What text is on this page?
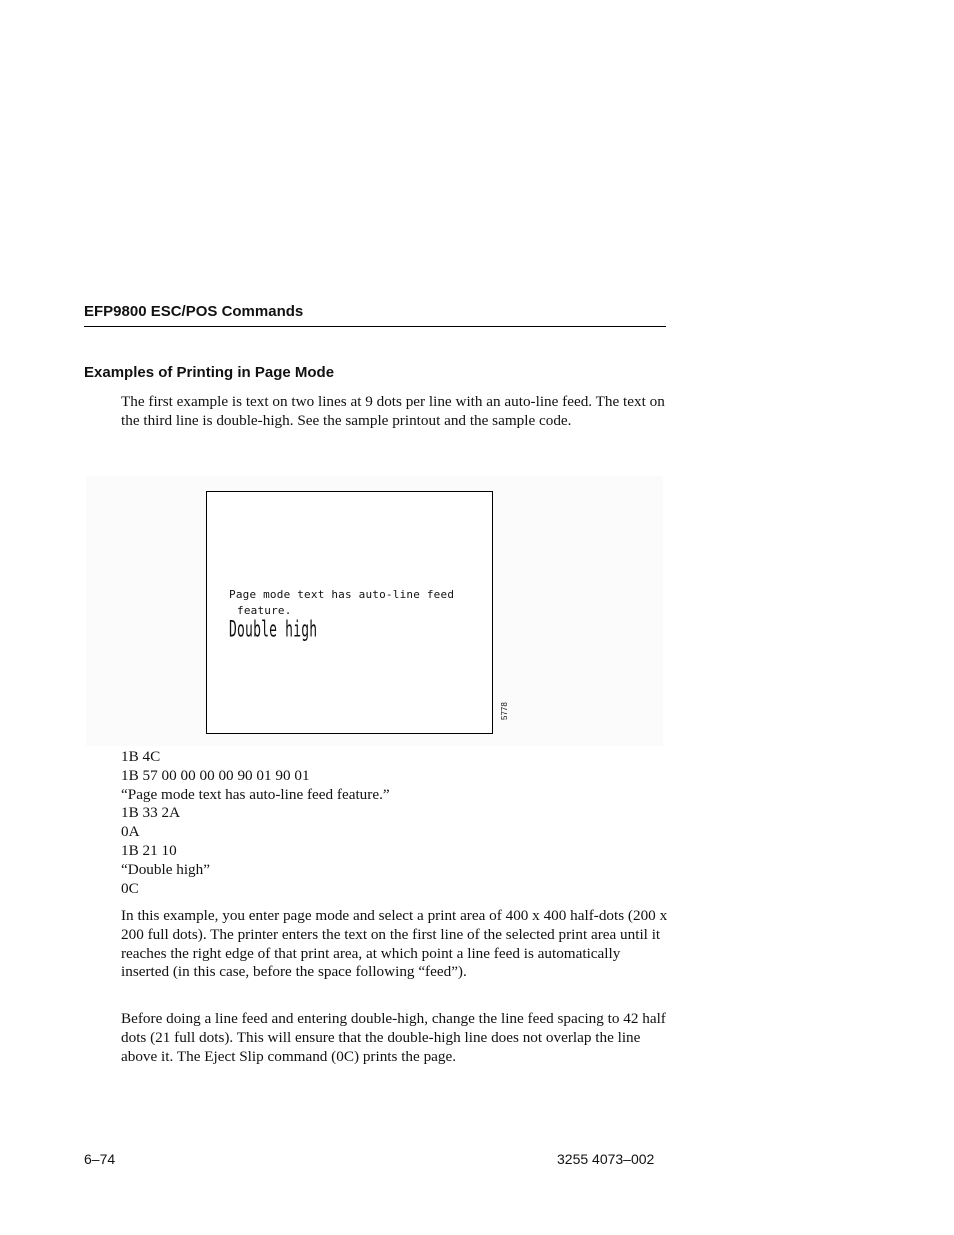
EFP9800 ESC/POS Commands
Examples of Printing in Page Mode
The first example is text on two lines at 9 dots per line with an auto-line feed. The text on the third line is double-high. See the sample printout and the sample code.
Page mode text has auto-line feed
feature.
Double high
5778
1B 4C
1B 57 00 00 00 00 90 01 90 01
“Page mode text has auto-line feed feature.”
1B 33 2A
0A
1B 21 10
“Double high”
0C
In this example, you enter page mode and select a print area of 400 x 400 half-dots (200 x 200 full dots). The printer enters the text on the first line of the selected print area until it reaches the right edge of that print area, at which point a line feed is automatically inserted (in this case, before the space following “feed”).
Before doing a line feed and entering double-high, change the line feed spacing to 42 half dots (21 full dots). This will ensure that the double-high line does not overlap the line above it. The Eject Slip command (0C) prints the page.
6–74	3255 4073–002
